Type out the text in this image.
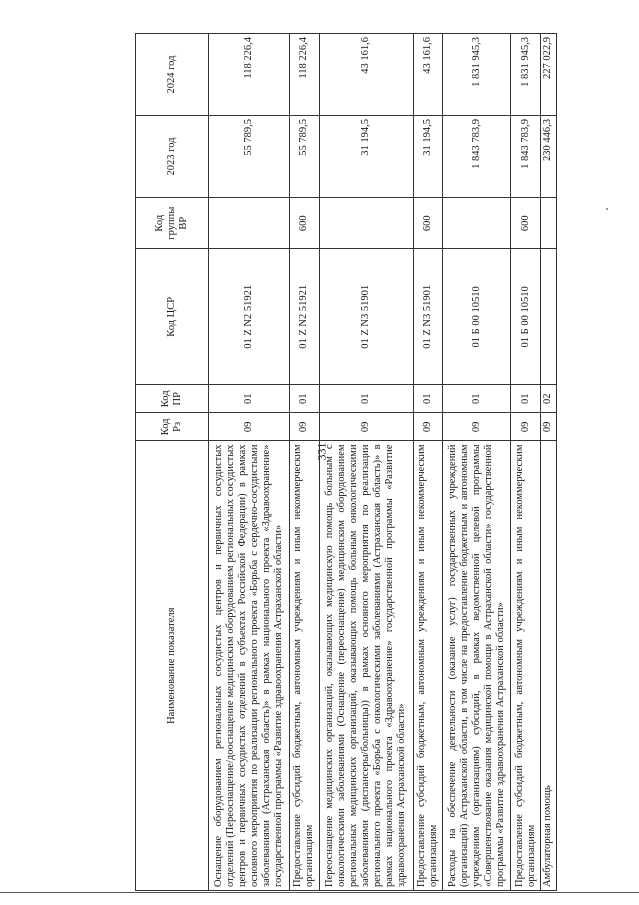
331
Наименование показателя	Код Рз	Код ПР	Код ЦСР	Код группы ВР	2023 год	2024 год
Оснащение оборудованием региональных сосудистых центров и первичных сосудистых отделений (Переоснащение/дооснащение медицинским оборудованием региональных сосудистых центров и первичных сосудистых отделений в субъектах Российской Федерации) в рамках основного мероприятия по реализации регионального проекта «Борьба с сердечно-сосудистыми заболеваниями (Астраханская область)» в рамках национального проекта «Здравоохранение» государственной программы «Развитие здравоохранения Астраханской области»	09	01	01 Z N2 51921		55 789,5	118 226,4
Предоставление субсидий бюджетным, автономным учреждениям и иным некоммерческим организациям	09	01	01 Z N2 51921	600	55 789,5	118 226,4
Переоснащение медицинских организаций, оказывающих медицинскую помощь больным с онкологическими заболеваниями (Оснащение (переоснащение) медицинским оборудованием региональных медицинских организаций, оказывающих помощь больным онкологическими заболеваниями (диспансеры/больницы)) в рамках основного мероприятия по реализации регионального проекта «Борьба с онкологическими заболеваниями (Астраханская область)» в рамках национального проекта «Здравоохранение» государственной программы «Развитие здравоохранения Астраханской области»	09	01	01 Z N3 51901		31 194,5	43 161,6
Предоставление субсидий бюджетным, автономным учреждениям и иным некоммерческим организациям	09	01	01 Z N3 51901	600	31 194,5	43 161,6
Расходы на обеспечение деятельности (оказание услуг) государственных учреждений (организаций) Астраханской области, в том числе на предоставление бюджетным и автономным учреждениям (организациям) субсидий, в рамках ведомственной целевой программы «Совершенствование оказания медицинской помощи в Астраханской области» государственной программы «Развитие здравоохранения Астраханской области»	09	01	01 Б 00 10510		1 843 783,9	1 831 945,3
Предоставление субсидий бюджетным, автономным учреждениям и иным некоммерческим организациям	09	01	01 Б 00 10510	600	1 843 783,9	1 831 945,3
Амбулаторная помощь	09	02			230 446,3	227 022,9
